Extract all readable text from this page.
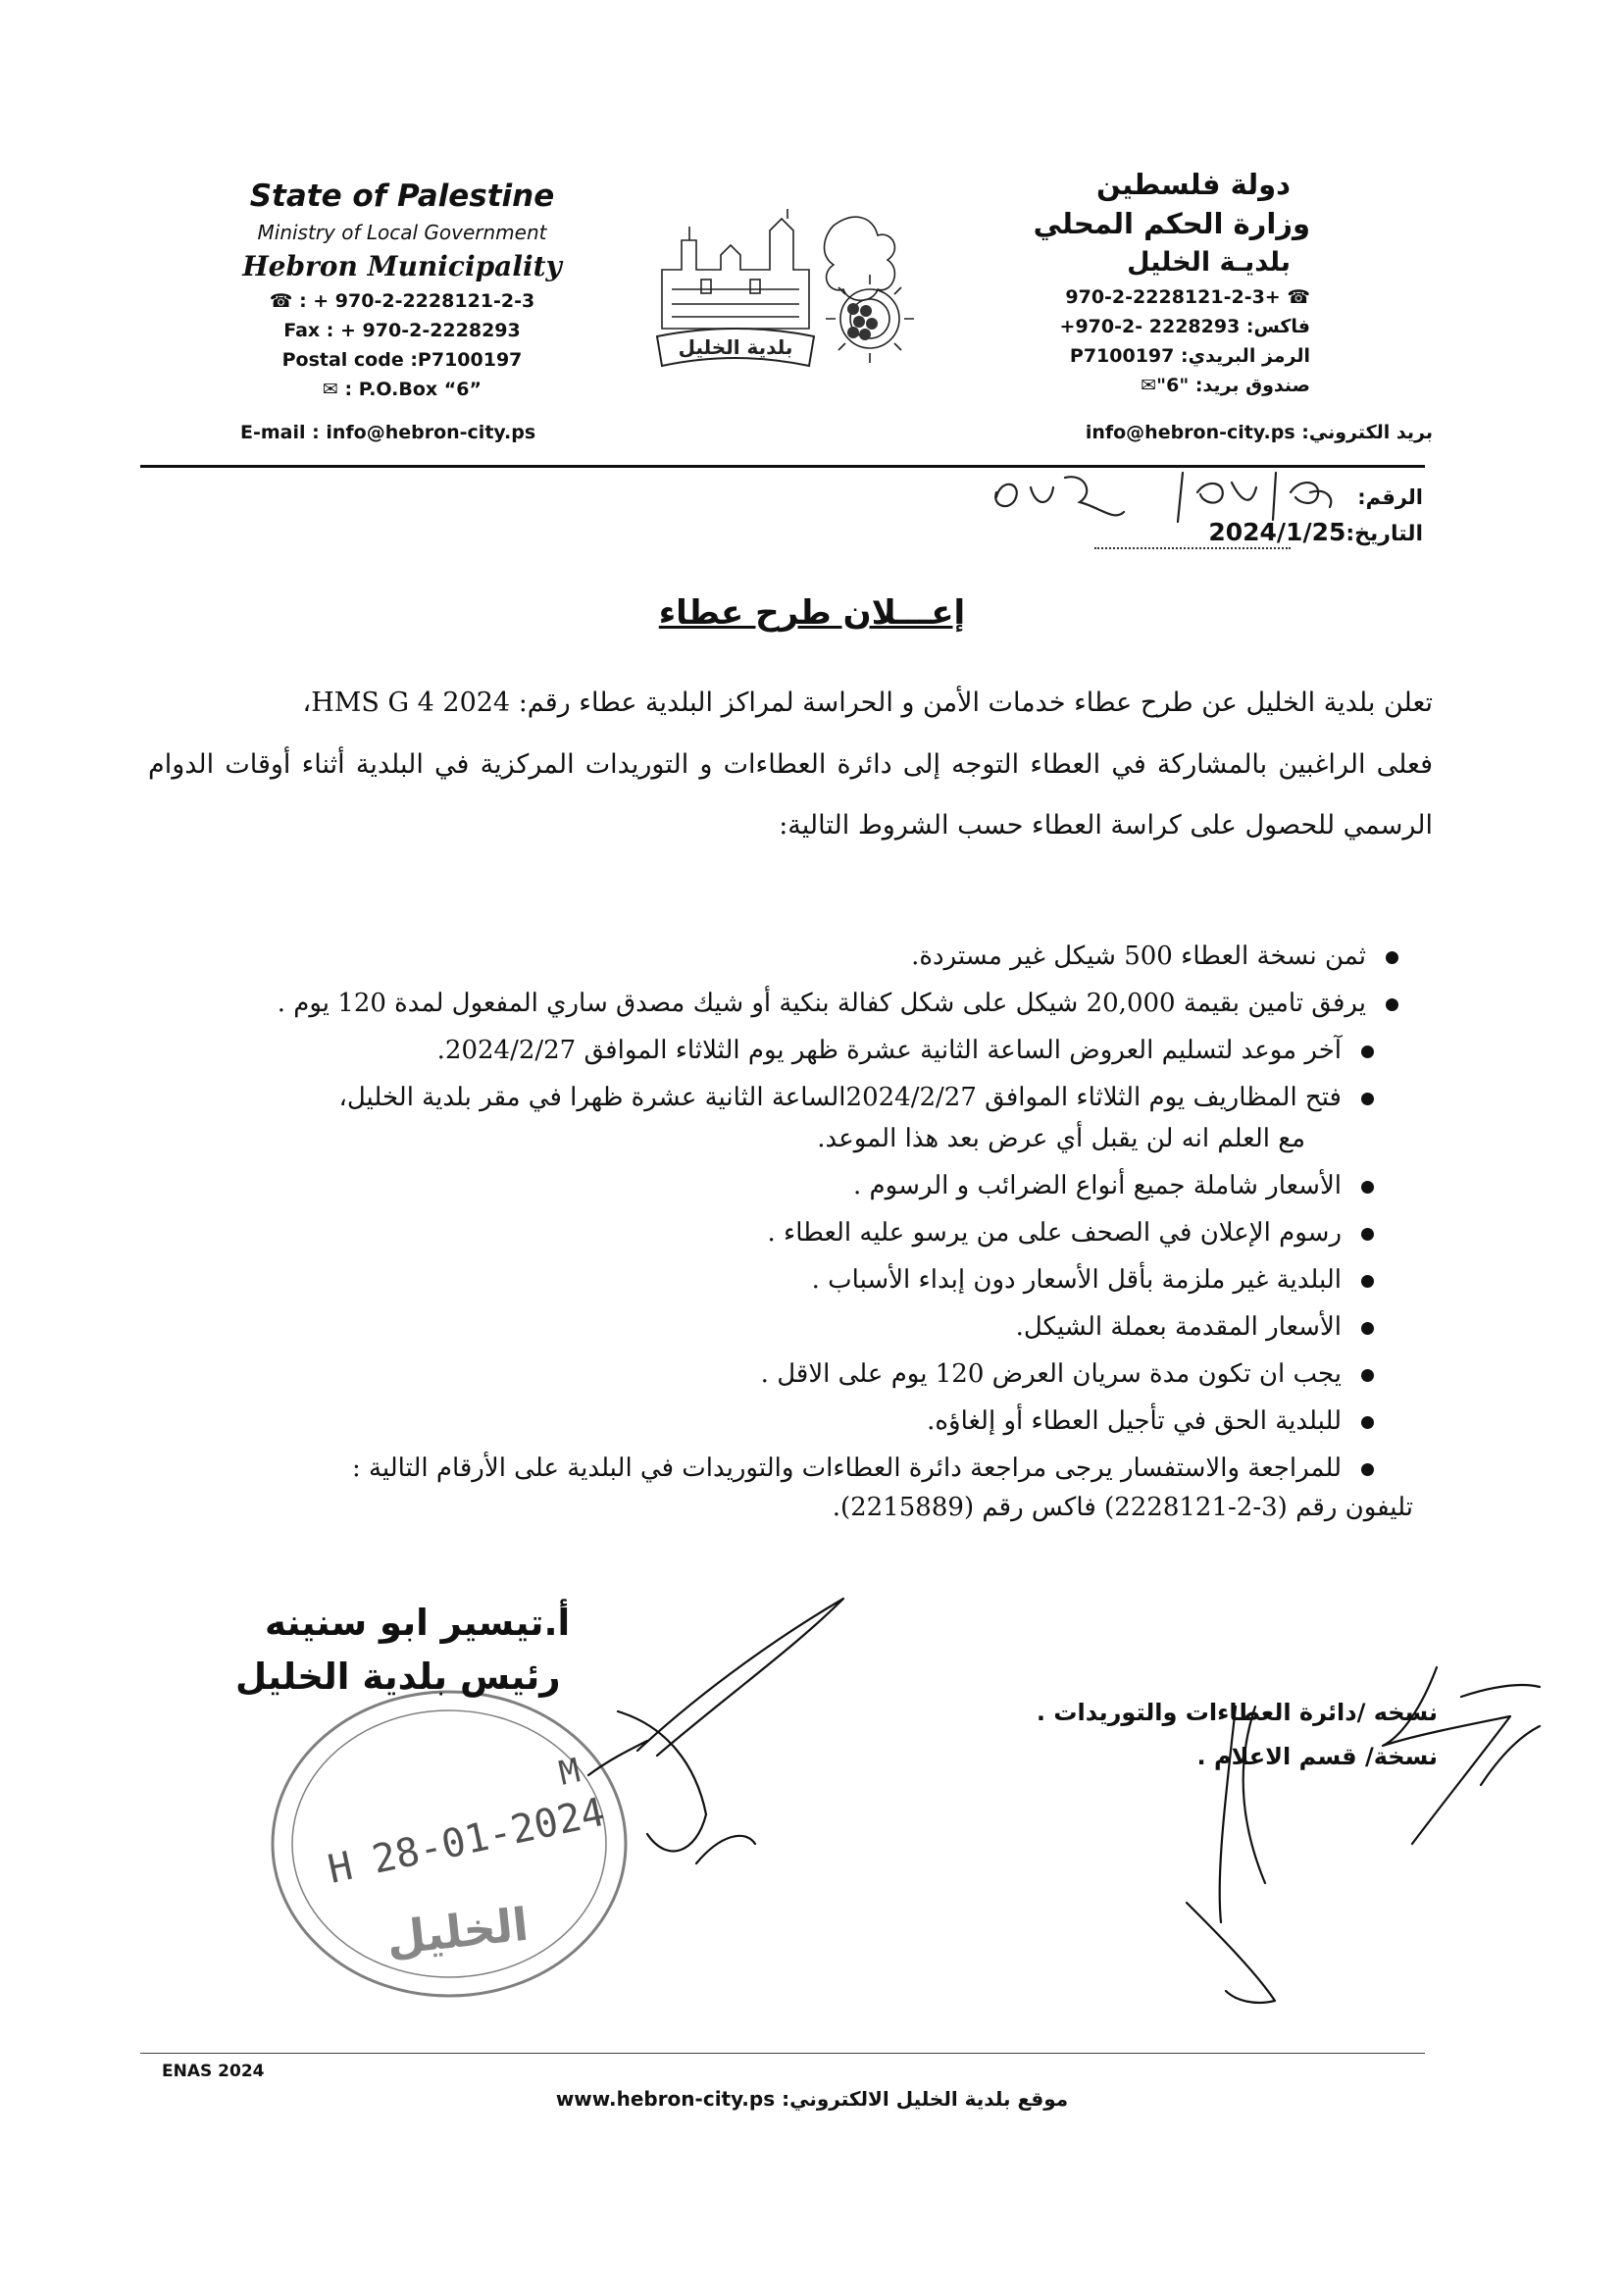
State of Palestine
Ministry of Local Government
Hebron Municipality
☎ : + 970-2-2228121-2-3
Fax : + 970-2-2228293
Postal code :P7100197
✉ : P.O.Box “6”
E-mail : info@hebron-city.ps
دولة فلسطين
وزارة الحكم المحلي
بلديـة الخليل
☎ +970-2-2228121-2-3
فاكس: 2228293 -2-970+
الرمز البريدي: P7100197
صندوق بريد: "6"✉
بريد الكتروني: info@hebron-city.ps
بلدية الخليل
الرقم:
التاريخ:2024/1/25
إعـــلان طرح عطاء
تعلن بلدية الخليل عن طرح عطاء خدمات الأمن و الحراسة لمراكز البلدية عطاء رقم: HMS G 4 2024،
فعلى الراغبين بالمشاركة في العطاء التوجه إلى دائرة العطاءات و التوريدات المركزية في البلدية أثناء أوقات الدوام
الرسمي للحصول على كراسة العطاء حسب الشروط التالية:
ثمن نسخة العطاء 500 شيكل غير مستردة.
يرفق تامين بقيمة 20,000 شيكل على شكل كفالة بنكية أو شيك مصدق ساري المفعول لمدة 120 يوم .
آخر موعد لتسليم العروض الساعة الثانية عشرة ظهر يوم الثلاثاء الموافق 2024/2/27.
فتح المظاريف يوم الثلاثاء الموافق 2024/2/27الساعة الثانية عشرة ظهرا في مقر بلدية الخليل،
مع العلم انه لن يقبل أي عرض بعد هذا الموعد.
الأسعار شاملة جميع أنواع الضرائب و الرسوم .
رسوم الإعلان في الصحف على من يرسو عليه العطاء .
البلدية غير ملزمة بأقل الأسعار دون إبداء الأسباب .
الأسعار المقدمة بعملة الشيكل.
يجب ان تكون مدة سريان العرض 120 يوم على الاقل .
للبلدية الحق في تأجيل العطاء أو إلغاؤه.
للمراجعة والاستفسار يرجى مراجعة دائرة العطاءات والتوريدات في البلدية على الأرقام التالية :
تليفون رقم (3-2-2228121) فاكس رقم (2215889).
H 28-01-2024
M
الخليل
أ.تيسير ابو سنينه
رئيس بلدية الخليل
نسخه /دائرة العطاءات والتوريدات .
نسخة/ قسم الاعلام .
ENAS 2024
موقع بلدية الخليل الالكتروني: www.hebron-city.ps
